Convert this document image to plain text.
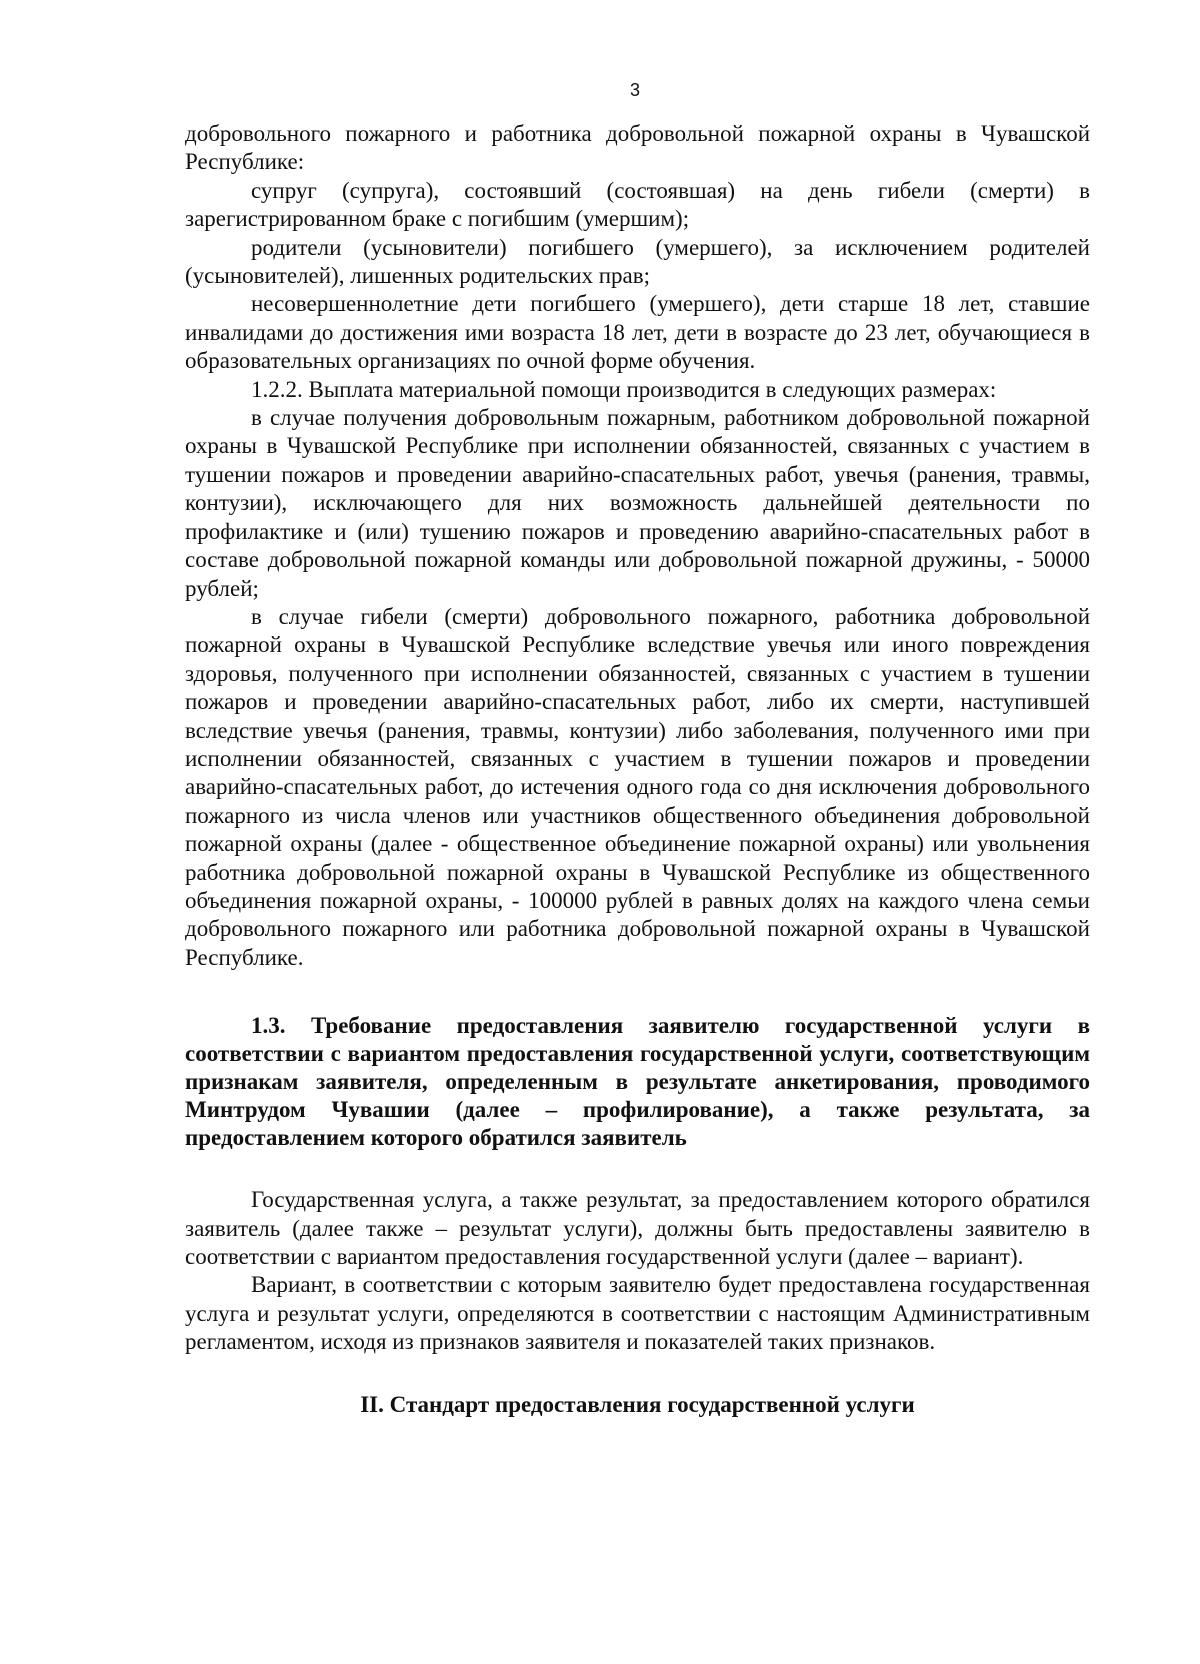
3

добровольного пожарного и работника добровольной пожарной охраны в Чувашской Республике:

супруг (супруга), состоявший (состоявшая) на день гибели (смерти) в зарегистрированном браке с погибшим (умершим);

родители (усыновители) погибшего (умершего), за исключением родителей (усыновителей), лишенных родительских прав;

несовершеннолетние дети погибшего (умершего), дети старше 18 лет, ставшие инвалидами до достижения ими возраста 18 лет, дети в возрасте до 23 лет, обучающиеся в образовательных организациях по очной форме обучения.

1.2.2. Выплата материальной помощи производится в следующих размерах:

в случае получения добровольным пожарным, работником добровольной пожарной охраны в Чувашской Республике при исполнении обязанностей, связанных с участием в тушении пожаров и проведении аварийно-спасательных работ, увечья (ранения, травмы, контузии), исключающего для них возможность дальнейшей деятельности по профилактике и (или) тушению пожаров и проведению аварийно-спасательных работ в составе добровольной пожарной команды или добровольной пожарной дружины, - 50000 рублей;

в случае гибели (смерти) добровольного пожарного, работника добровольной пожарной охраны в Чувашской Республике вследствие увечья или иного повреждения здоровья, полученного при исполнении обязанностей, связанных с участием в тушении пожаров и проведении аварийно-спасательных работ, либо их смерти, наступившей вследствие увечья (ранения, травмы, контузии) либо заболевания, полученного ими при исполнении обязанностей, связанных с участием в тушении пожаров и проведении аварийно-спасательных работ, до истечения одного года со дня исключения добровольного пожарного из числа членов или участников общественного объединения добровольной пожарной охраны (далее - общественное объединение пожарной охраны) или увольнения работника добровольной пожарной охраны в Чувашской Республике из общественного объединения пожарной охраны, - 100000 рублей в равных долях на каждого члена семьи добровольного пожарного или работника добровольной пожарной охраны в Чувашской Республике.

1.3. Требование предоставления заявителю государственной услуги в соответствии с вариантом предоставления государственной услуги, соответствующим признакам заявителя, определенным в результате анкетирования, проводимого Минтрудом Чувашии (далее – профилирование), а также результата, за предоставлением которого обратился заявитель

Государственная услуга, а также результат, за предоставлением которого обратился заявитель (далее также – результат услуги), должны быть предоставлены заявителю в соответствии с вариантом предоставления государственной услуги (далее – вариант).

Вариант, в соответствии с которым заявителю будет предоставлена государственная услуга и результат услуги, определяются в соответствии с настоящим Административным регламентом, исходя из признаков заявителя и показателей таких признаков.

II. Стандарт предоставления государственной услуги
